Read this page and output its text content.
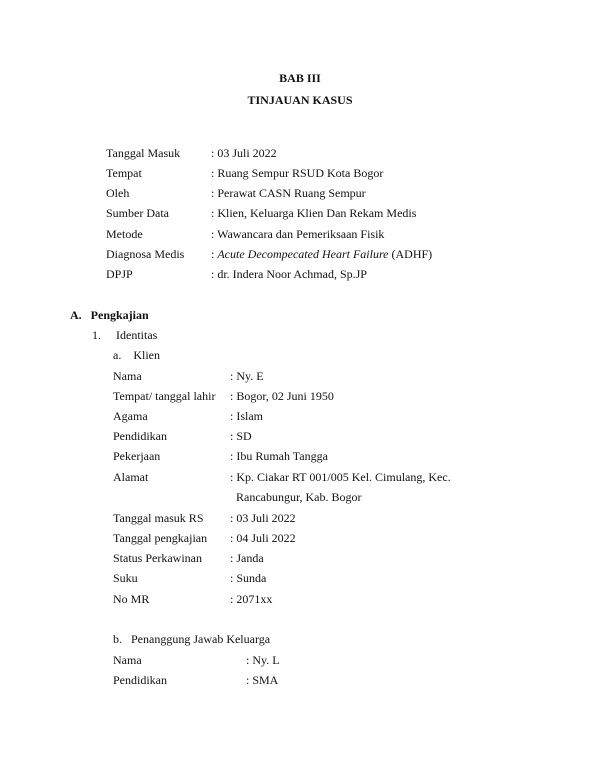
BAB III
TINJAUAN KASUS
Tanggal Masuk	: 03 Juli 2022
Tempat	: Ruang Sempur RSUD Kota Bogor
Oleh	: Perawat CASN Ruang Sempur
Sumber Data	: Klien, Keluarga Klien Dan Rekam Medis
Metode	: Wawancara dan Pemeriksaan Fisik
Diagnosa Medis : Acute Decompecated Heart Failure (ADHF)
DPJP	: dr. Indera Noor Achmad, Sp.JP
A.   Pengkajian
1.     Identitas
a.    Klien
Nama	: Ny. E
Tempat/ tanggal lahir : Bogor, 02 Juni 1950
Agama	: Islam
Pendidikan	: SD
Pekerjaan	: Ibu Rumah Tangga
Alamat	: Kp. Ciakar RT 001/005 Kel. Cimulang, Kec.
Rancabungur, Kab. Bogor
Tanggal masuk RS : 03 Juli 2022
Tanggal pengkajian : 04 Juli 2022
Status Perkawinan : Janda
Suku	: Sunda
No MR	: 2071xx
b.   Penanggung Jawab Keluarga
Nama	: Ny. L
Pendidikan	: SMA
